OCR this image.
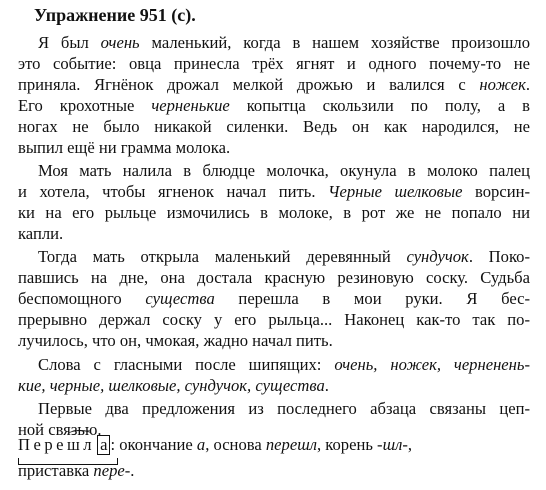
Упражнение 951 (с).
Я был очень маленький, когда в нашем хозяйстве произошло
это событие: овца принесла трёх ягнят и одного почему-то не
приняла. Ягнёнок дрожал мелкой дрожью и валился с ножек.
Его крохотные черненькие копытца скользили по полу, а в
ногах не было никакой силенки. Ведь он как народился, не
выпил ещё ни грамма молока.
Моя мать налила в блюдце молочка, окунула в молоко палец
и хотела, чтобы ягненок начал пить. Черные шелковые ворсин-
ки на его рыльце измочились в молоке, в рот же не попало ни
капли.
Тогда мать открыла маленький деревянный сундучок. Поко-
павшись на дне, она достала красную резиновую соску. Судьба
беспомощного существа перешла в мои руки. Я бес-
прерывно держал соску у его рыльца... Наконец как-то так по-
лучилось, что он, чмокая, жадно начал пить.
Слова с гласными после шипящих: очень, ножек, черненень-
кие, черные, шелковые, сундучок, существа.
Первые два предложения из последнего абзаца связаны цеп-
ной связью.
Пере
шл а : окончание а, основа перешл, корень -шл-,
приставка пере-.
